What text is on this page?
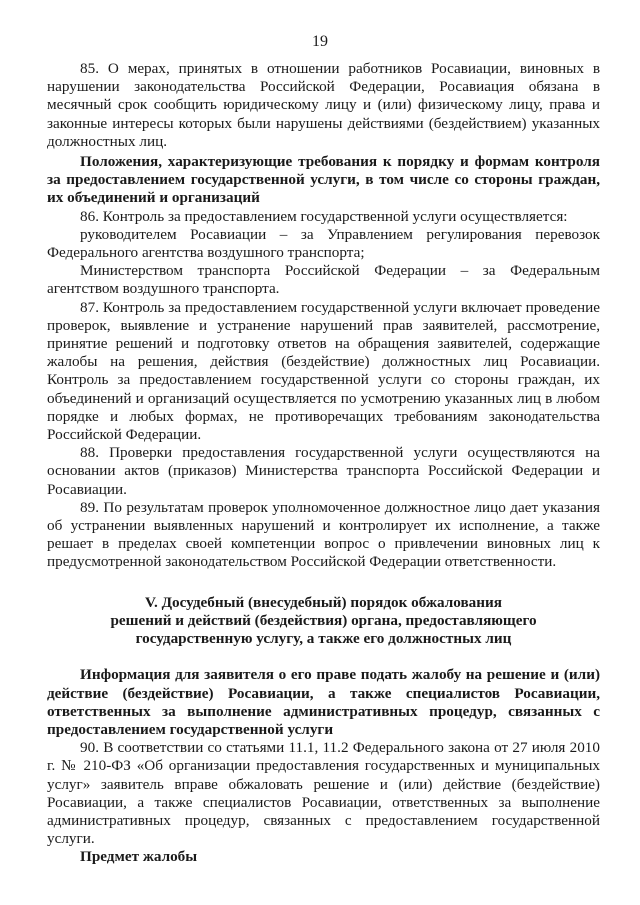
19

85. О мерах, принятых в отношении работников Росавиации, виновных в нарушении законодательства Российской Федерации, Росавиация обязана в месячный срок сообщить юридическому лицу и (или) физическому лицу, права и законные интересы которых были нарушены действиями (бездействием) указанных должностных лиц.

Положения, характеризующие требования к порядку и формам контроля за предоставлением государственной услуги, в том числе со стороны граждан, их объединений и организаций

86. Контроль за предоставлением государственной услуги осуществляется:

руководителем Росавиации – за Управлением регулирования перевозок Федерального агентства воздушного транспорта;

Министерством транспорта Российской Федерации – за Федеральным агентством воздушного транспорта.

87. Контроль за предоставлением государственной услуги включает проведение проверок, выявление и устранение нарушений прав заявителей, рассмотрение, принятие решений и подготовку ответов на обращения заявителей, содержащие жалобы на решения, действия (бездействие) должностных лиц Росавиации. Контроль за предоставлением государственной услуги со стороны граждан, их объединений и организаций осуществляется по усмотрению указанных лиц в любом порядке и любых формах, не противоречащих требованиям законодательства Российской Федерации.

88. Проверки предоставления государственной услуги осуществляются на основании актов (приказов) Министерства транспорта Российской Федерации и Росавиации.

89. По результатам проверок уполномоченное должностное лицо дает указания об устранении выявленных нарушений и контролирует их исполнение, а также решает в пределах своей компетенции вопрос о привлечении виновных лиц к предусмотренной законодательством Российской Федерации ответственности.

V. Досудебный (внесудебный) порядок обжалования

решений и действий (бездействия) органа, предоставляющего

государственную услугу, а также его должностных лиц

Информация для заявителя о его праве подать жалобу на решение и (или) действие (бездействие) Росавиации, а также специалистов Росавиации, ответственных за выполнение административных процедур, связанных с предоставлением государственной услуги

90. В соответствии со статьями 11.1, 11.2 Федерального закона от 27 июля 2010 г. № 210-ФЗ «Об организации предоставления государственных и муниципальных услуг» заявитель вправе обжаловать решение и (или) действие (бездействие) Росавиации, а также специалистов Росавиации, ответственных за выполнение административных процедур, связанных с предоставлением государственной услуги.

Предмет жалобы
